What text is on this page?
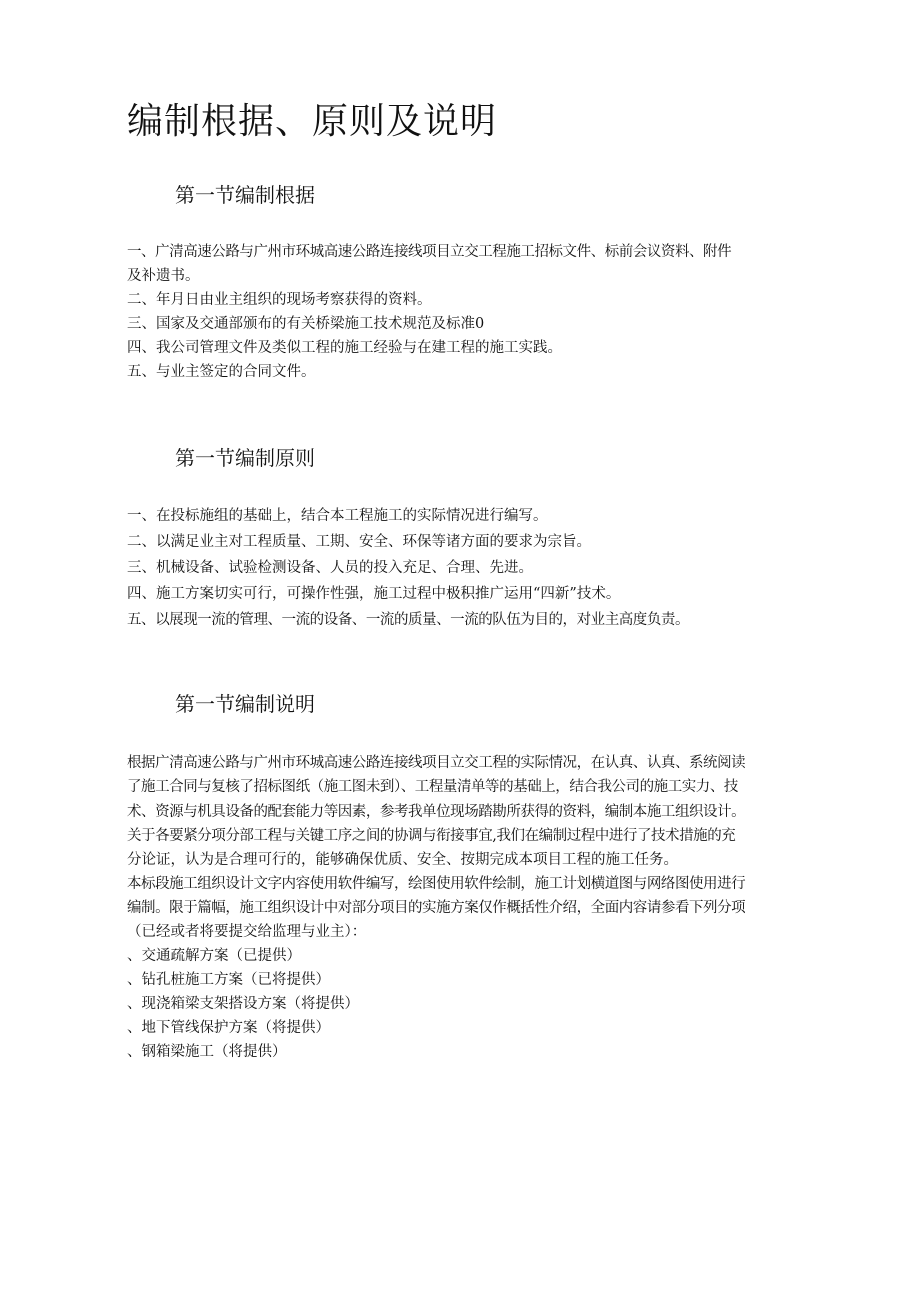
编制根据、原则及说明
第一节编制根据

一、广清高速公路与广州市环城高速公路连接线项目立交工程施工招标文件、标前会议资料、附件

及补遗书。

二、年月日由业主组织的现场考察获得的资料。

三、国家及交通部颁布的有关桥梁施工技术规范及标准0

四、我公司管理文件及类似工程的施工经验与在建工程的施工实践。

五、与业主签定的合同文件。

第一节编制原则

一、在投标施组的基础上，结合本工程施工的实际情况进行编写。

二、以满足业主对工程质量、工期、安全、环保等诸方面的要求为宗旨。

三、机械设备、试验检测设备、人员的投入充足、合理、先进。

四、施工方案切实可行，可操作性强，施工过程中极积推广运用“四新”技术。

五、以展现一流的管理、一流的设备、一流的质量、一流的队伍为目的，对业主高度负责。

第一节编制说明

根据广清高速公路与广州市环城高速公路连接线项目立交工程的实际情况，在认真、认真、系统阅读

了施工合同与复核了招标图纸（施工图未到）、工程量清单等的基础上，结合我公司的施工实力、技

术、资源与机具设备的配套能力等因素，参考我单位现场踏勘所获得的资料，编制本施工组织设计。

关于各要紧分项分部工程与关键工序之间的协调与衔接事宜,我们在编制过程中进行了技术措施的充

分论证，认为是合理可行的，能够确保优质、安全、按期完成本项目工程的施工任务。

本标段施工组织设计文字内容使用软件编写，绘图使用软件绘制，施工计划横道图与网络图使用进行

编制。限于篇幅，施工组织设计中对部分项目的实施方案仅作概括性介绍，全面内容请参看下列分项

（已经或者将要提交给监理与业主）：

、交通疏解方案（已提供）

、钻孔桩施工方案（已将提供）

、现浇箱梁支架搭设方案（将提供）

、地下管线保护方案（将提供）

、钢箱梁施工（将提供）
